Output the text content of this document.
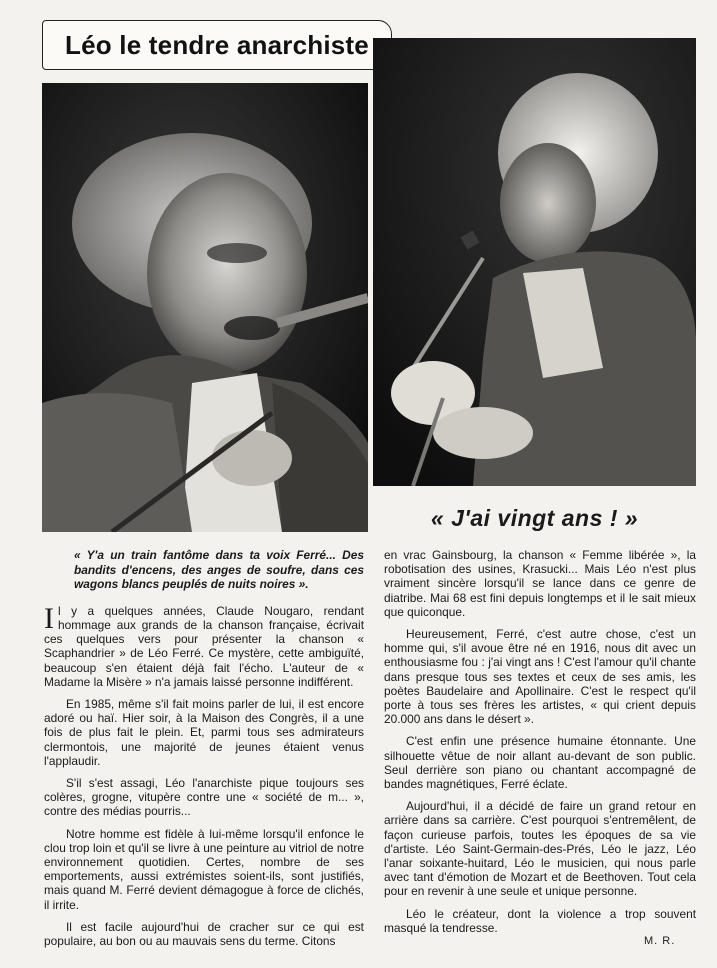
Léo le tendre anarchiste

« J'ai vingt ans ! »

« Y'a un train fantôme dans ta voix Ferré... Des bandits d'encens, des anges de soufre, dans ces wagons blancs peuplés de nuits noires ».

Il y a quelques années, Claude Nougaro, rendant hommage aux grands de la chanson française, écrivait ces quelques vers pour présenter la chanson « Scaphandrier » de Léo Ferré. Ce mystère, cette ambiguïté, beaucoup s'en étaient déjà fait l'écho. L'auteur de « Madame la Misère » n'a jamais laissé personne indifférent.

En 1985, même s'il fait moins parler de lui, il est encore adoré ou haï. Hier soir, à la Maison des Congrès, il a une fois de plus fait le plein. Et, parmi tous ses admirateurs clermontois, une majorité de jeunes étaient venus l'applaudir.

S'il s'est assagi, Léo l'anarchiste pique toujours ses colères, grogne, vitupère contre une « société de m... », contre des médias pourris...

Notre homme est fidèle à lui-même lorsqu'il enfonce le clou trop loin et qu'il se livre à une peinture au vitriol de notre environnement quotidien. Certes, nombre de ses emportements, aussi extrémistes soient-ils, sont justifiés, mais quand M. Ferré devient démagogue à force de clichés, il irrite.

Il est facile aujourd'hui de cracher sur ce qui est populaire, au bon ou au mauvais sens du terme. Citons

en vrac Gainsbourg, la chanson « Femme libérée », la robotisation des usines, Krasucki... Mais Léo n'est plus vraiment sincère lorsqu'il se lance dans ce genre de diatribe. Mai 68 est fini depuis longtemps et il le sait mieux que quiconque.

Heureusement, Ferré, c'est autre chose, c'est un homme qui, s'il avoue être né en 1916, nous dit avec un enthousiasme fou : j'ai vingt ans ! C'est l'amour qu'il chante dans presque tous ses textes et ceux de ses amis, les poètes Baudelaire and Apollinaire. C'est le respect qu'il porte à tous ses frères les artistes, « qui crient depuis 20.000 ans dans le désert ».

C'est enfin une présence humaine étonnante. Une silhouette vêtue de noir allant au-devant de son public. Seul derrière son piano ou chantant accompagné de bandes magnétiques, Ferré éclate.

Aujourd'hui, il a décidé de faire un grand retour en arrière dans sa carrière. C'est pourquoi s'entremêlent, de façon curieuse parfois, toutes les époques de sa vie d'artiste. Léo Saint-Germain-des-Prés, Léo le jazz, Léo l'anar soixante-huitard, Léo le musicien, qui nous parle avec tant d'émotion de Mozart et de Beethoven. Tout cela pour en revenir à une seule et unique personne.

Léo le créateur, dont la violence a trop souvent masqué la tendresse.

M. R.
